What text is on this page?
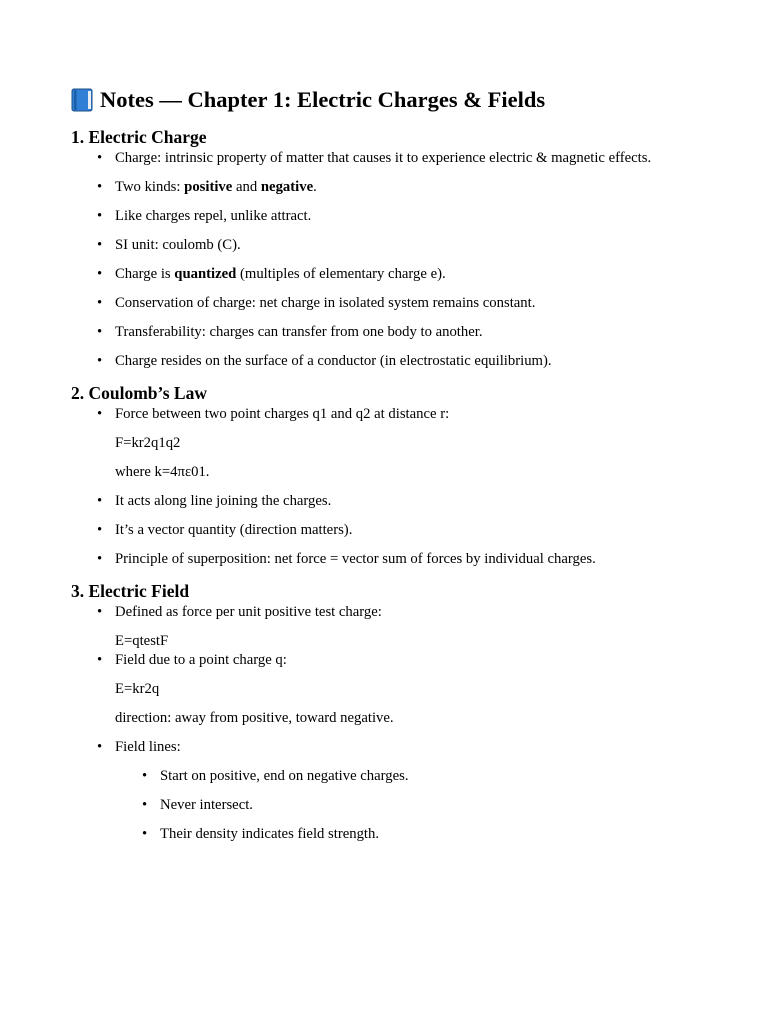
Notes — Chapter 1: Electric Charges & Fields
1. Electric Charge
• Charge: intrinsic property of matter that causes it to experience electric & magnetic effects.
• Two kinds: positive and negative.
• Like charges repel, unlike attract.
• SI unit: coulomb (C).
• Charge is quantized (multiples of elementary charge e).
• Conservation of charge: net charge in isolated system remains constant.
• Transferability: charges can transfer from one body to another.
• Charge resides on the surface of a conductor (in electrostatic equilibrium).
2. Coulomb’s Law
• Force between two point charges q1 and q2 at distance r:
F=kr2q1q2
where k=4πε01.
• It acts along line joining the charges.
• It’s a vector quantity (direction matters).
• Principle of superposition: net force = vector sum of forces by individual charges.
3. Electric Field
• Defined as force per unit positive test charge:
E=qtestF
• Field due to a point charge q:
E=kr2q
direction: away from positive, toward negative.
• Field lines:
• Start on positive, end on negative charges.
• Never intersect.
• Their density indicates field strength.
